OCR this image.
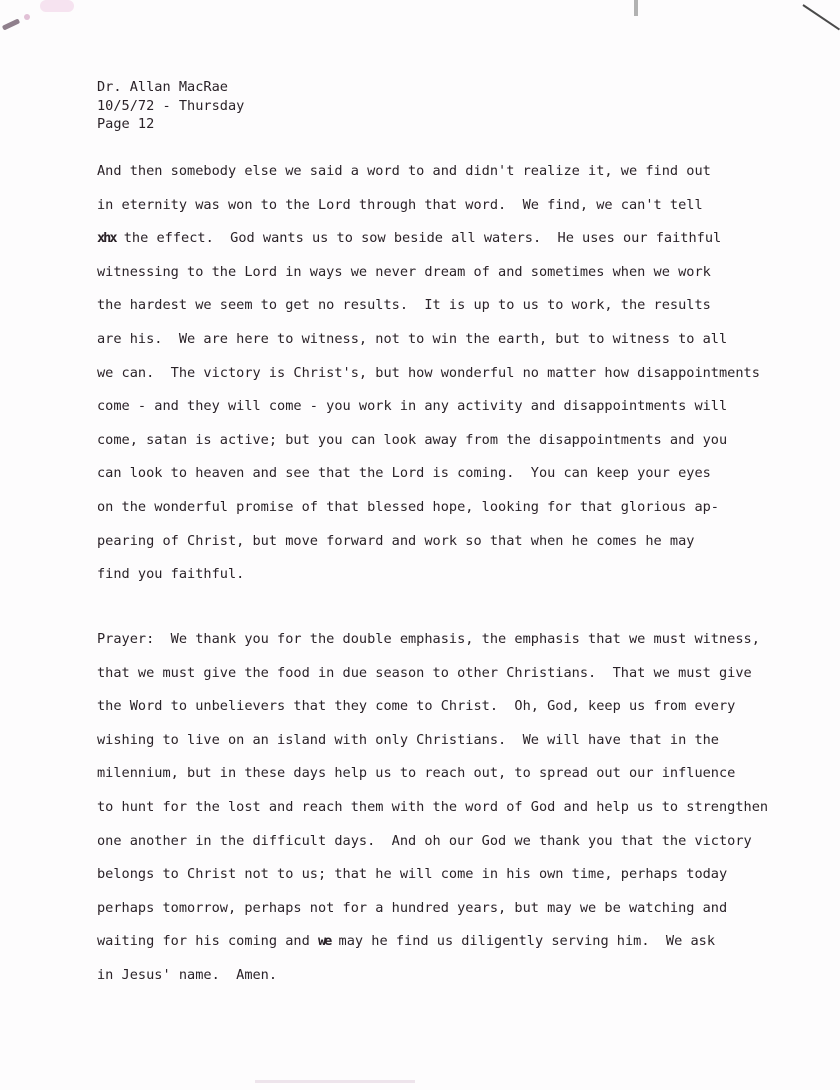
Dr. Allan MacRae
10/5/72 - Thursday
Page 12
And then somebody else we said a word to and didn't realize it, we find out
in eternity was won to the Lord through that word.  We find, we can't tell
xhx the effect.  God wants us to sow beside all waters.  He uses our faithful
witnessing to the Lord in ways we never dream of and sometimes when we work
the hardest we seem to get no results.  It is up to us to work, the results
are his.  We are here to witness, not to win the earth, but to witness to all
we can.  The victory is Christ's, but how wonderful no matter how disappointments
come - and they will come - you work in any activity and disappointments will
come, satan is active; but you can look away from the disappointments and you
can look to heaven and see that the Lord is coming.  You can keep your eyes
on the wonderful promise of that blessed hope, looking for that glorious ap-
pearing of Christ, but move forward and work so that when he comes he may
find you faithful.
Prayer:  We thank you for the double emphasis, the emphasis that we must witness,
that we must give the food in due season to other Christians.  That we must give
the Word to unbelievers that they come to Christ.  Oh, God, keep us from every
wishing to live on an island with only Christians.  We will have that in the
milennium, but in these days help us to reach out, to spread out our influence
to hunt for the lost and reach them with the word of God and help us to strengthen
one another in the difficult days.  And oh our God we thank you that the victory
belongs to Christ not to us; that he will come in his own time, perhaps today
perhaps tomorrow, perhaps not for a hundred years, but may we be watching and
waiting for his coming and we may he find us diligently serving him.  We ask
in Jesus' name.  Amen.
